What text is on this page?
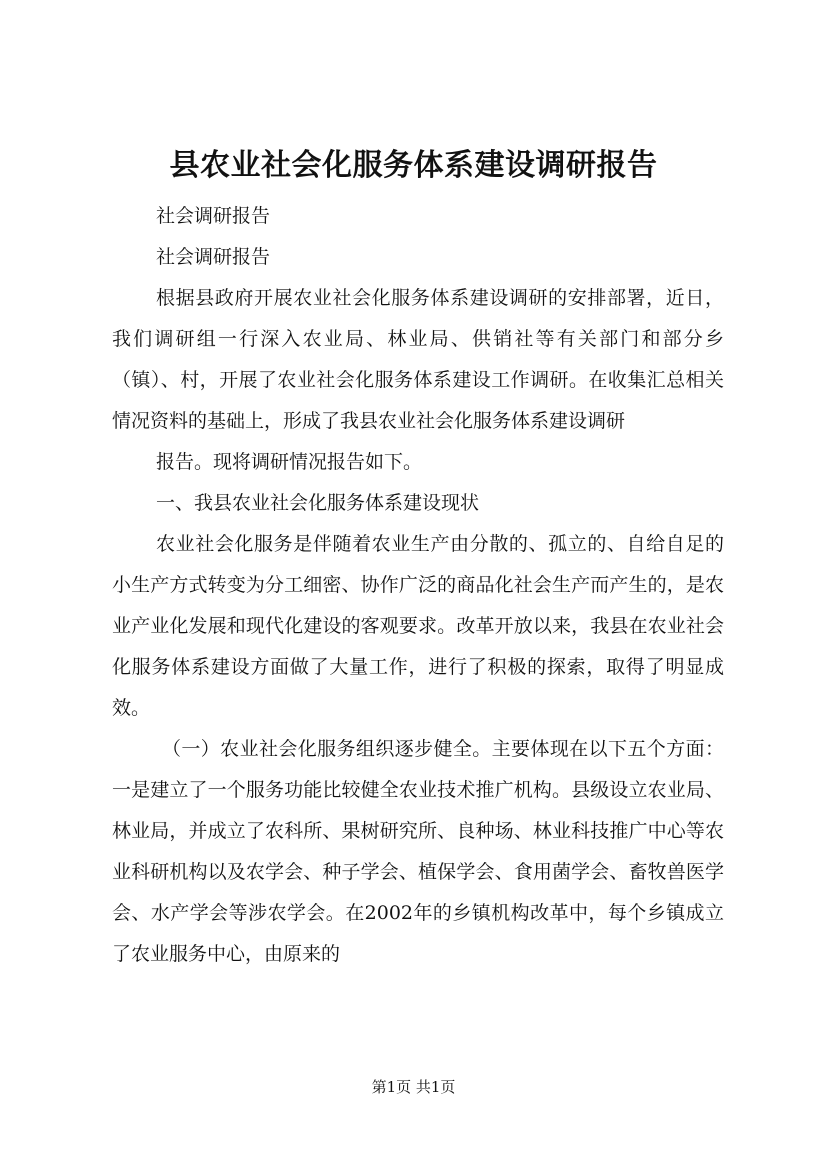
县农业社会化服务体系建设调研报告

社会调研报告

社会调研报告

根据县政府开展农业社会化服务体系建设调研的安排部署，近日，我们调研组一行深入农业局、林业局、供销社等有关部门和部分乡（镇）、村，开展了农业社会化服务体系建设工作调研。在收集汇总相关情况资料的基础上，形成了我县农业社会化服务体系建设调研

报告。现将调研情况报告如下。

一、我县农业社会化服务体系建设现状

农业社会化服务是伴随着农业生产由分散的、孤立的、自给自足的小生产方式转变为分工细密、协作广泛的商品化社会生产而产生的，是农业产业化发展和现代化建设的客观要求。改革开放以来，我县在农业社会化服务体系建设方面做了大量工作，进行了积极的探索，取得了明显成效。

（一）农业社会化服务组织逐步健全。主要体现在以下五个方面：一是建立了一个服务功能比较健全农业技术推广机构。县级设立农业局、林业局，并成立了农科所、果树研究所、良种场、林业科技推广中心等农业科研机构以及农学会、种子学会、植保学会、食用菌学会、畜牧兽医学会、水产学会等涉农学会。在2002年的乡镇机构改革中，每个乡镇成立了农业服务中心，由原来的

第1页 共1页
